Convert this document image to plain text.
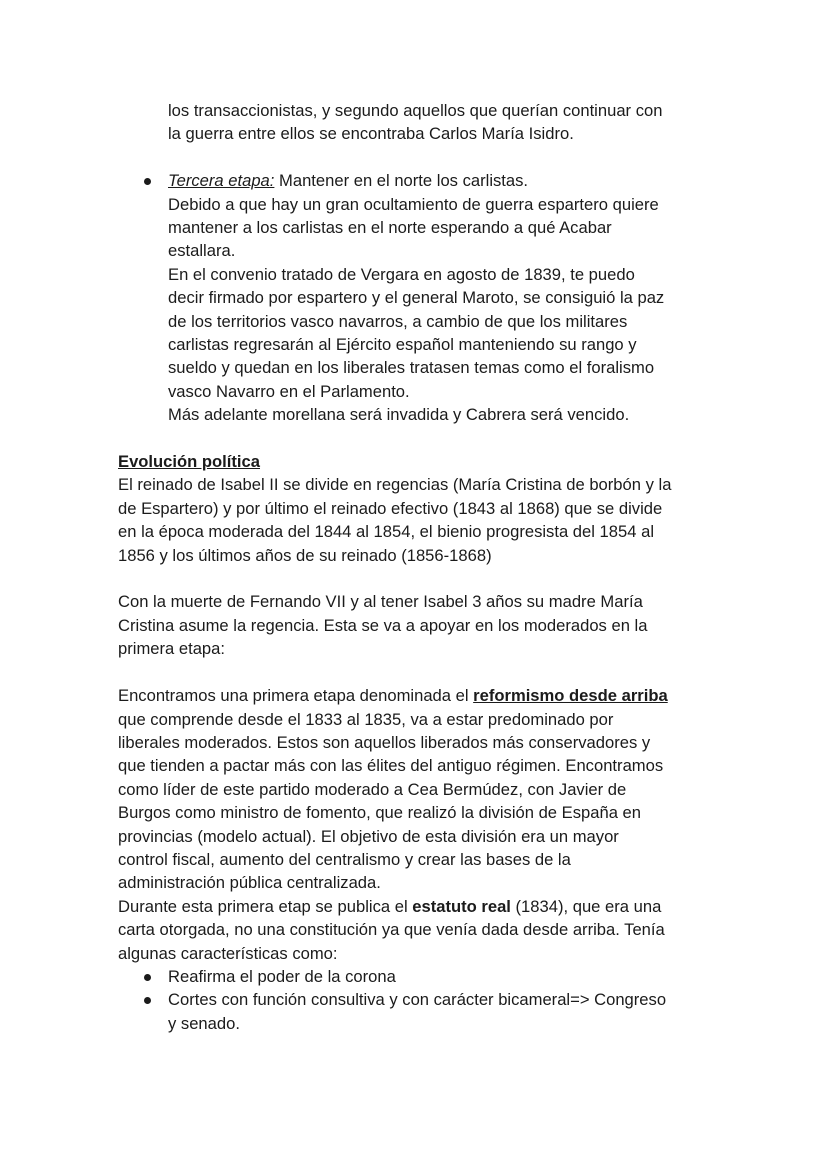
los transaccionistas, y segundo aquellos que querían continuar con
la guerra entre ellos se encontraba Carlos María Isidro.
Tercera etapa: Mantener en el norte los carlistas.
Debido a que hay un gran ocultamiento de guerra espartero quiere
mantener a los carlistas en el norte esperando a qué Acabar
estallara.
En el convenio tratado de Vergara en agosto de 1839, te puedo
decir firmado por espartero y el general Maroto, se consiguió la paz
de los territorios vasco navarros, a cambio de que los militares
carlistas regresarán al Ejército español manteniendo su rango y
sueldo y quedan en los liberales tratasen temas como el foralismo
vasco Navarro en el Parlamento.
Más adelante morellana será invadida y Cabrera será vencido.
Evolución política
El reinado de Isabel II se divide en regencias (María Cristina de borbón y la
de Espartero) y por último el reinado efectivo (1843 al 1868) que se divide
en la época moderada del 1844 al 1854, el bienio progresista del 1854 al
1856 y los últimos años de su reinado (1856-1868)
Con la muerte de Fernando VII y al tener Isabel 3 años su madre María
Cristina asume la regencia. Esta se va a apoyar en los moderados en la
primera etapa:
Encontramos una primera etapa denominada el reformismo desde arriba
que comprende desde el 1833 al 1835, va a estar predominado por
liberales moderados. Estos son aquellos liberados más conservadores y
que tienden a pactar más con las élites del antiguo régimen. Encontramos
como líder de este partido moderado a Cea Bermúdez, con Javier de
Burgos como ministro de fomento, que realizó la división de España en
provincias (modelo actual). El objetivo de esta división era un mayor
control fiscal, aumento del centralismo y crear las bases de la
administración pública centralizada.
Durante esta primera etap se publica el estatuto real (1834), que era una
carta otorgada, no una constitución ya que venía dada desde arriba. Tenía
algunas características como:
Reafirma el poder de la corona
Cortes con función consultiva y con carácter bicameral=> Congreso
y senado.
